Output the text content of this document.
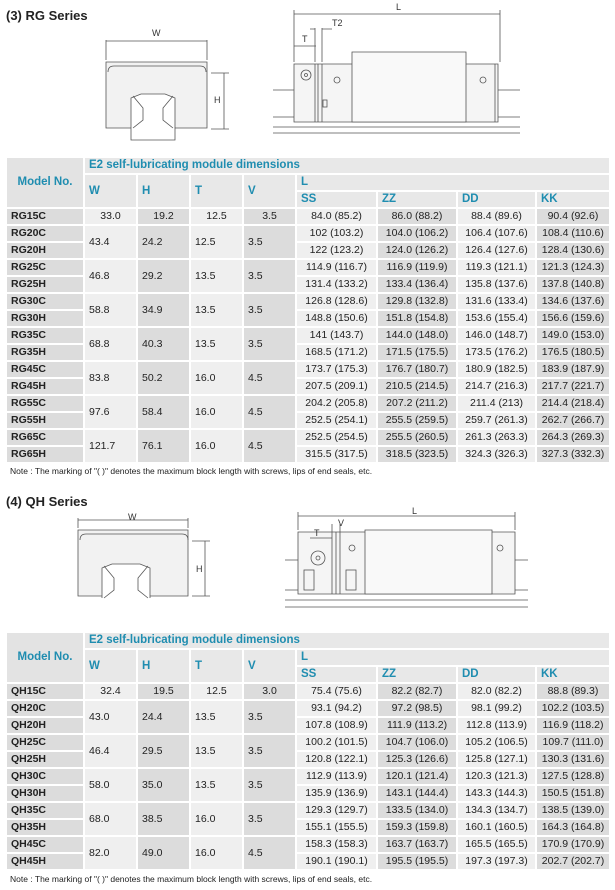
(3) RG Series
W
H
L
T
T2
Model No.	E2 self-lubricating module dimensions							
	W	H	T	V	L			
					SS	ZZ	DD	KK
RG15C	33.0	19.2	12.5	3.5	84.0 (85.2)	86.0 (88.2)	88.4 (89.6)	90.4 (92.6)
RG20C	43.4	24.2	12.5	3.5	102 (103.2)	104.0 (106.2)	106.4 (107.6)	108.4 (110.6)
RG20H					122 (123.2)	124.0 (126.2)	126.4 (127.6)	128.4 (130.6)
RG25C	46.8	29.2	13.5	3.5	114.9 (116.7)	116.9 (119.9)	119.3 (121.1)	121.3 (124.3)
RG25H					131.4 (133.2)	133.4 (136.4)	135.8 (137.6)	137.8 (140.8)
RG30C	58.8	34.9	13.5	3.5	126.8 (128.6)	129.8 (132.8)	131.6 (133.4)	134.6 (137.6)
RG30H					148.8 (150.6)	151.8 (154.8)	153.6 (155.4)	156.6 (159.6)
RG35C	68.8	40.3	13.5	3.5	141 (143.7)	144.0 (148.0)	146.0 (148.7)	149.0 (153.0)
RG35H					168.5 (171.2)	171.5 (175.5)	173.5 (176.2)	176.5 (180.5)
RG45C	83.8	50.2	16.0	4.5	173.7 (175.3)	176.7 (180.7)	180.9 (182.5)	183.9 (187.9)
RG45H					207.5 (209.1)	210.5 (214.5)	214.7 (216.3)	217.7 (221.7)
RG55C	97.6	58.4	16.0	4.5	204.2 (205.8)	207.2 (211.2)	211.4 (213)	214.4 (218.4)
RG55H					252.5 (254.1)	255.5 (259.5)	259.7 (261.3)	262.7 (266.7)
RG65C	121.7	76.1	16.0	4.5	252.5 (254.5)	255.5 (260.5)	261.3 (263.3)	264.3 (269.3)
RG65H					315.5 (317.5)	318.5 (323.5)	324.3 (326.3)	327.3 (332.3)
Note : The marking of "( )" denotes the maximum block length with screws, lips of end seals, etc.
(4) QH Series
W
H
L
T
V
Model No.	E2 self-lubricating module dimensions							
	W	H	T	V	L			
					SS	ZZ	DD	KK
QH15C	32.4	19.5	12.5	3.0	75.4 (75.6)	82.2 (82.7)	82.0 (82.2)	88.8 (89.3)
QH20C	43.0	24.4	13.5	3.5	93.1 (94.2)	97.2 (98.5)	98.1 (99.2)	102.2 (103.5)
QH20H					107.8 (108.9)	111.9 (113.2)	112.8 (113.9)	116.9 (118.2)
QH25C	46.4	29.5	13.5	3.5	100.2 (101.5)	104.7 (106.0)	105.2 (106.5)	109.7 (111.0)
QH25H					120.8 (122.1)	125.3 (126.6)	125.8 (127.1)	130.3 (131.6)
QH30C	58.0	35.0	13.5	3.5	112.9 (113.9)	120.1 (121.4)	120.3 (121.3)	127.5 (128.8)
QH30H					135.9 (136.9)	143.1 (144.4)	143.3 (144.3)	150.5 (151.8)
QH35C	68.0	38.5	16.0	3.5	129.3 (129.7)	133.5 (134.0)	134.3 (134.7)	138.5 (139.0)
QH35H					155.1 (155.5)	159.3 (159.8)	160.1 (160.5)	164.3 (164.8)
QH45C	82.0	49.0	16.0	4.5	158.3 (158.3)	163.7 (163.7)	165.5 (165.5)	170.9 (170.9)
QH45H					190.1 (190.1)	195.5 (195.5)	197.3 (197.3)	202.7 (202.7)
Note : The marking of "( )" denotes the maximum block length with screws, lips of end seals, etc.
